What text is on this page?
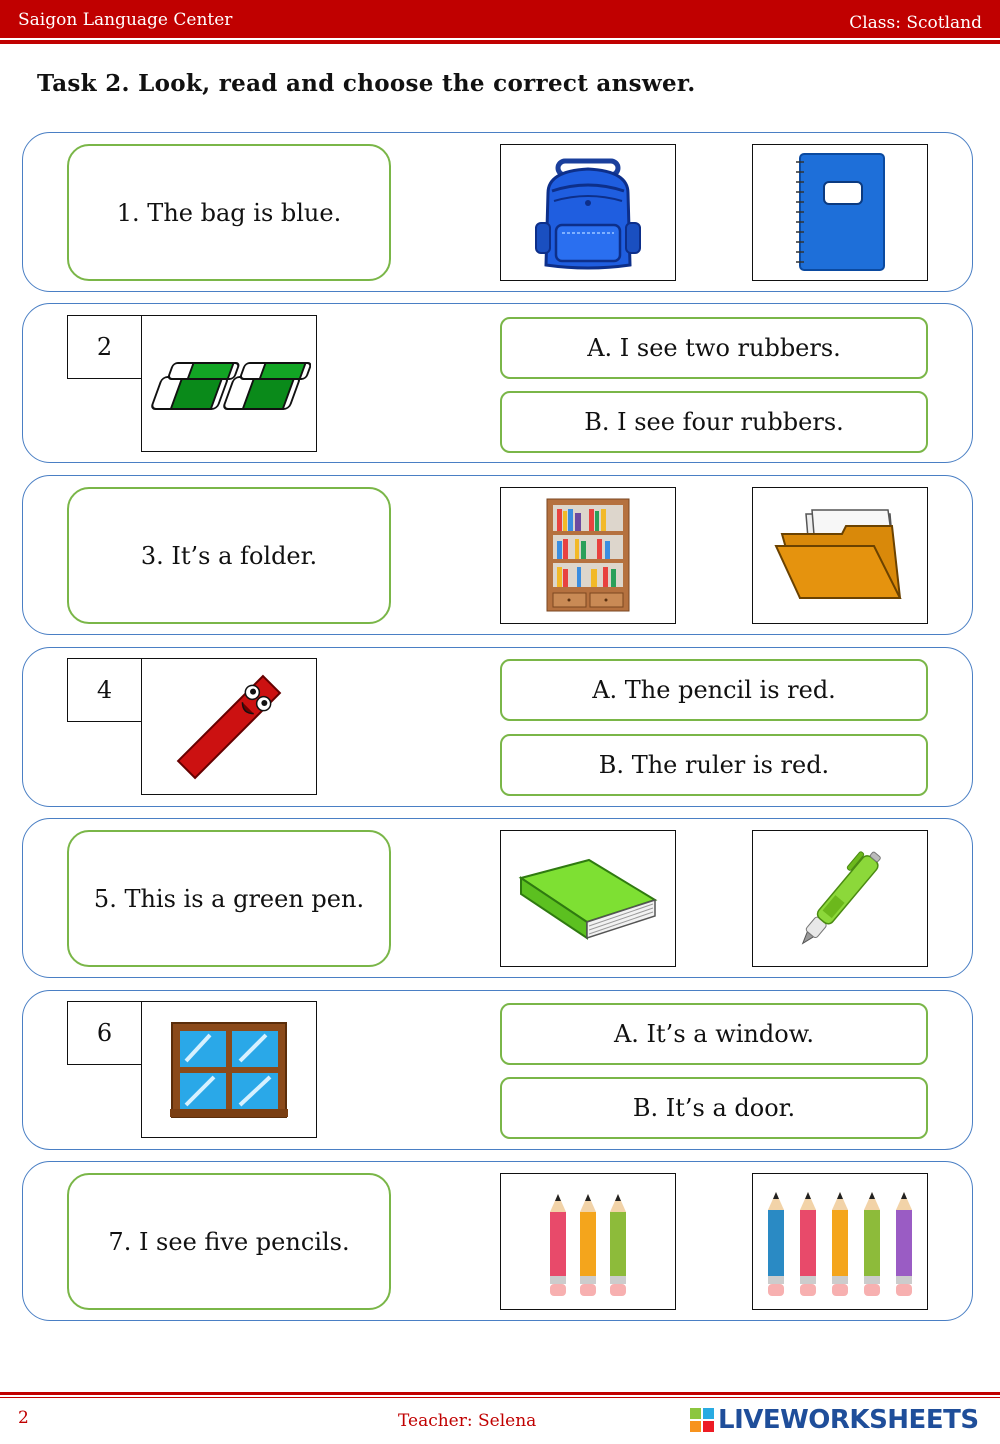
Saigon Language Center	Class: Scotland
Task 2. Look, read and choose the correct answer.
1. The bag is blue.
2	A. I see two rubbers.
B. I see four rubbers.
3. It’s a folder.
4	A. The pencil is red.
B. The ruler is red.
5. This is a green pen.
6	A. It’s a window.
B. It’s a door.
7. I see five pencils.
2	Teacher: Selena	LIVEWORKSHEETS
